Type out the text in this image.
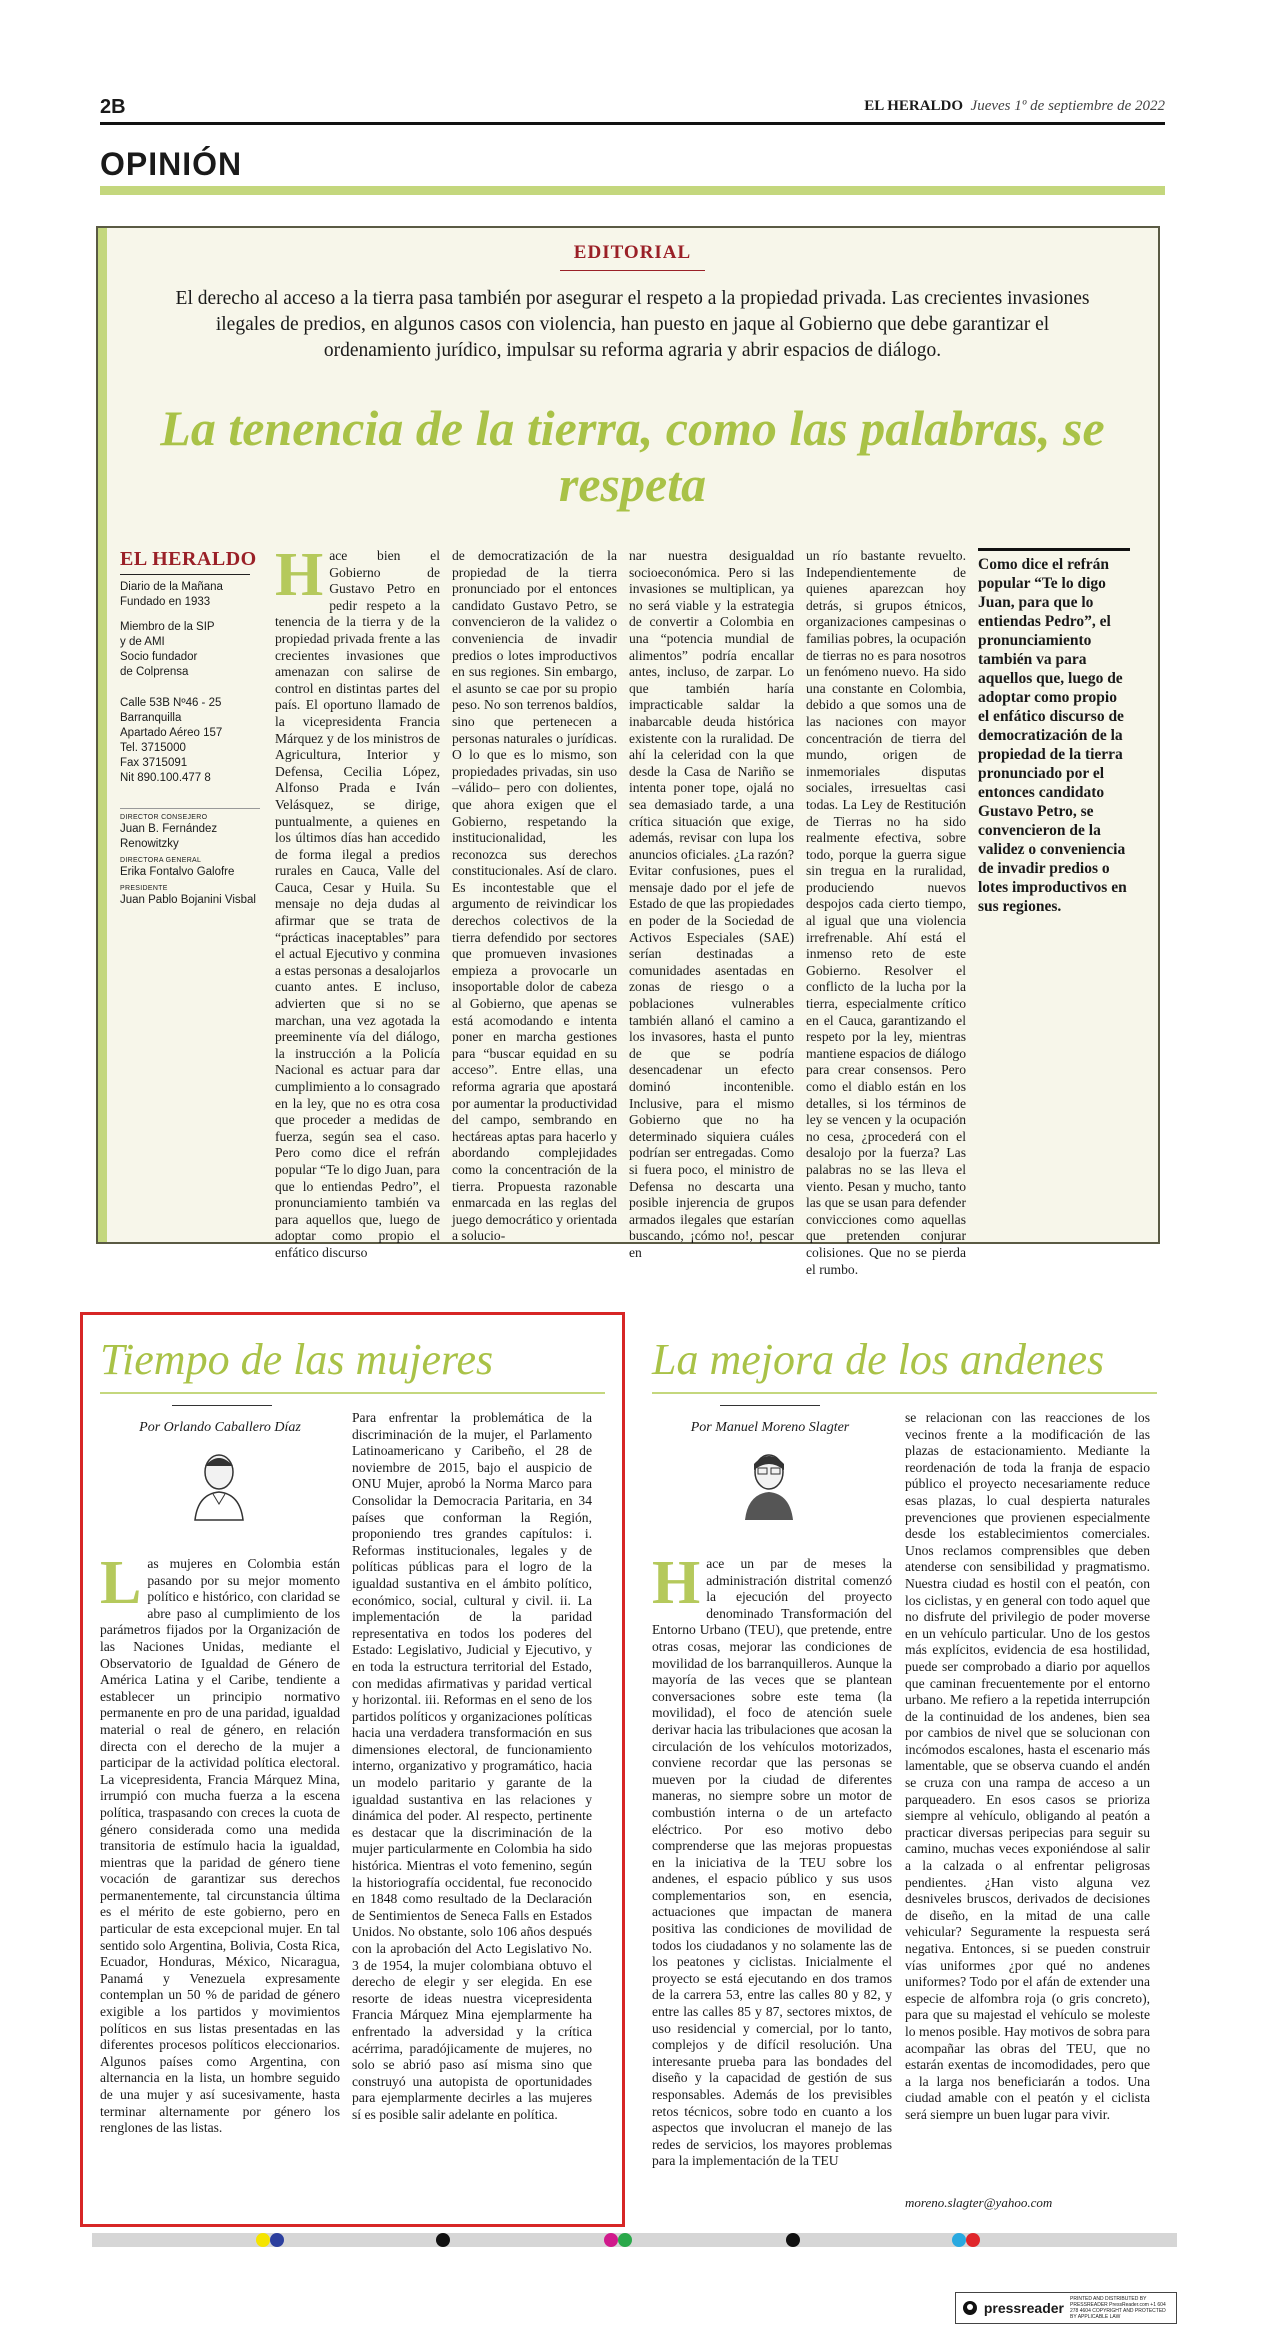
2B	EL HERALDO Jueves 1º de septiembre de 2022
OPINIÓN
EDITORIAL
El derecho al acceso a la tierra pasa también por asegurar el respeto a la propiedad privada. Las crecientes invasiones ilegales de predios, en algunos casos con violencia, han puesto en jaque al Gobierno que debe garantizar el ordenamiento jurídico, impulsar su reforma agraria y abrir espacios de diálogo.
La tenencia de la tierra, como las palabras, se respeta
EL HERALDO
Diario de la Mañana
Fundado en 1933
Miembro de la SIP
y de AMI
Socio fundador
de Colprensa
Calle 53B Nº46 - 25
Barranquilla
Apartado Aéreo 157
Tel. 3715000
Fax 3715091
Nit 890.100.477 8
DIRECTOR CONSEJERO
Juan B. Fernández Renowitzky
DIRECTORA GENERAL
Erika Fontalvo Galofre
PRESIDENTE
Juan Pablo Bojanini Visbal
Hace bien el Gobierno de Gustavo Petro en pedir respeto a la tenencia de la tierra y de la propiedad privada frente a las crecientes invasiones que amenazan con salirse de control en distintas partes del país. El oportuno llamado de la vicepresidenta Francia Márquez y de los ministros de Agricultura, Interior y Defensa, Cecilia López, Alfonso Prada e Iván Velásquez, se dirige, puntualmente, a quienes en los últimos días han accedido de forma ilegal a predios rurales en Cauca, Valle del Cauca, Cesar y Huila. Su mensaje no deja dudas al afirmar que se trata de “prácticas inaceptables” para el actual Ejecutivo y conmina a estas personas a desalojarlos cuanto antes. E incluso, advierten que si no se marchan, una vez agotada la preeminente vía del diálogo, la instrucción a la Policía Nacional es actuar para dar cumplimiento a lo consagrado en la ley, que no es otra cosa que proceder a medidas de fuerza, según sea el caso. Pero como dice el refrán popular “Te lo digo Juan, para que lo entiendas Pedro”, el pronunciamiento también va para aquellos que, luego de adoptar como propio el enfático discurso
de democratización de la propiedad de la tierra pronunciado por el entonces candidato Gustavo Petro, se convencieron de la validez o conveniencia de invadir predios o lotes improductivos en sus regiones. Sin embargo, el asunto se cae por su propio peso. No son terrenos baldíos, sino que pertenecen a personas naturales o jurídicas. O lo que es lo mismo, son propiedades privadas, sin uso –válido– pero con dolientes, que ahora exigen que el Gobierno, respetando la institucionalidad, les reconozca sus derechos constitucionales. Así de claro. Es incontestable que el argumento de reivindicar los derechos colectivos de la tierra defendido por sectores que promueven invasiones empieza a provocarle un insoportable dolor de cabeza al Gobierno, que apenas se está acomodando e intenta poner en marcha gestiones para “buscar equidad en su acceso”. Entre ellas, una reforma agraria que apostará por aumentar la productividad del campo, sembrando en hectáreas aptas para hacerlo y abordando complejidades como la concentración de la tierra. Propuesta razonable enmarcada en las reglas del juego democrático y orientada a solucio-
nar nuestra desigualdad socioeconómica. Pero si las invasiones se multiplican, ya no será viable y la estrategia de convertir a Colombia en una “potencia mundial de alimentos” podría encallar antes, incluso, de zarpar. Lo que también haría impracticable saldar la inabarcable deuda histórica existente con la ruralidad. De ahí la celeridad con la que desde la Casa de Nariño se intenta poner tope, ojalá no sea demasiado tarde, a una crítica situación que exige, además, revisar con lupa los anuncios oficiales. ¿La razón? Evitar confusiones, pues el mensaje dado por el jefe de Estado de que las propiedades en poder de la Sociedad de Activos Especiales (SAE) serían destinadas a comunidades asentadas en zonas de riesgo o a poblaciones vulnerables también allanó el camino a los invasores, hasta el punto de que se podría desencadenar un efecto dominó incontenible. Inclusive, para el mismo Gobierno que no ha determinado siquiera cuáles podrían ser entregadas. Como si fuera poco, el ministro de Defensa no descarta una posible injerencia de grupos armados ilegales que estarían buscando, ¡cómo no!, pescar en
un río bastante revuelto. Independientemente de quienes aparezcan hoy detrás, si grupos étnicos, organizaciones campesinas o familias pobres, la ocupación de tierras no es para nosotros un fenómeno nuevo. Ha sido una constante en Colombia, debido a que somos una de las naciones con mayor concentración de tierra del mundo, origen de inmemoriales disputas sociales, irresueltas casi todas. La Ley de Restitución de Tierras no ha sido realmente efectiva, sobre todo, porque la guerra sigue sin tregua en la ruralidad, produciendo nuevos despojos cada cierto tiempo, al igual que una violencia irrefrenable. Ahí está el inmenso reto de este Gobierno. Resolver el conflicto de la lucha por la tierra, especialmente crítico en el Cauca, garantizando el respeto por la ley, mientras mantiene espacios de diálogo para crear consensos. Pero como el diablo están en los detalles, si los términos de ley se vencen y la ocupación no cesa, ¿procederá con el desalojo por la fuerza? Las palabras no se las lleva el viento. Pesan y mucho, tanto las que se usan para defender convicciones como aquellas que pretenden conjurar colisiones. Que no se pierda el rumbo.
Como dice el refrán popular “Te lo digo Juan, para que lo entiendas Pedro”, el pronunciamiento también va para aquellos que, luego de adoptar como propio el enfático discurso de democratización de la propiedad de la tierra pronunciado por el entonces candidato Gustavo Petro, se convencieron de la validez o conveniencia de invadir predios o lotes improductivos en sus regiones.
Tiempo de las mujeres
Por Orlando Caballero Díaz
Las mujeres en Colombia están pasando por su mejor momento político e histórico, con claridad se abre paso al cumplimiento de los parámetros fijados por la Organización de las Naciones Unidas, mediante el Observatorio de Igualdad de Género de América Latina y el Caribe, tendiente a establecer un principio normativo permanente en pro de una paridad, igualdad material o real de género, en relación directa con el derecho de la mujer a participar de la actividad política electoral. La vicepresidenta, Francia Márquez Mina, irrumpió con mucha fuerza a la escena política, traspasando con creces la cuota de género considerada como una medida transitoria de estímulo hacia la igualdad, mientras que la paridad de género tiene vocación de garantizar sus derechos permanentemente, tal circunstancia última es el mérito de este gobierno, pero en particular de esta excepcional mujer. En tal sentido solo Argentina, Bolivia, Costa Rica, Ecuador, Honduras, México, Nicaragua, Panamá y Venezuela expresamente contemplan un 50 % de paridad de género exigible a los partidos y movimientos políticos en sus listas presentadas en las diferentes procesos políticos eleccionarios. Algunos países como Argentina, con alternancia en la lista, un hombre seguido de una mujer y así sucesivamente, hasta terminar alternamente por género los renglones de las listas.
Para enfrentar la problemática de la discriminación de la mujer, el Parlamento Latinoamericano y Caribeño, el 28 de noviembre de 2015, bajo el auspicio de ONU Mujer, aprobó la Norma Marco para Consolidar la Democracia Paritaria, en 34 países que conforman la Región, proponiendo tres grandes capítulos: i. Reformas institucionales, legales y de políticas públicas para el logro de la igualdad sustantiva en el ámbito político, económico, social, cultural y civil. ii. La implementación de la paridad representativa en todos los poderes del Estado: Legislativo, Judicial y Ejecutivo, y en toda la estructura territorial del Estado, con medidas afirmativas y paridad vertical y horizontal. iii. Reformas en el seno de los partidos políticos y organizaciones políticas hacia una verdadera transformación en sus dimensiones electoral, de funcionamiento interno, organizativo y programático, hacia un modelo paritario y garante de la igualdad sustantiva en las relaciones y dinámica del poder. Al respecto, pertinente es destacar que la discriminación de la mujer particularmente en Colombia ha sido histórica. Mientras el voto femenino, según la historiografía occidental, fue reconocido en 1848 como resultado de la Declaración de Sentimientos de Seneca Falls en Estados Unidos. No obstante, solo 106 años después con la aprobación del Acto Legislativo No. 3 de 1954, la mujer colombiana obtuvo el derecho de elegir y ser elegida. En ese resorte de ideas nuestra vicepresidenta Francia Márquez Mina ejemplarmente ha enfrentado la adversidad y la crítica acérrima, paradójicamente de mujeres, no solo se abrió paso así misma sino que construyó una autopista de oportunidades para ejemplarmente decirles a las mujeres sí es posible salir adelante en política.
La mejora de los andenes
Por Manuel Moreno Slagter
Hace un par de meses la administración distrital comenzó la ejecución del proyecto denominado Transformación del Entorno Urbano (TEU), que pretende, entre otras cosas, mejorar las condiciones de movilidad de los barranquilleros. Aunque la mayoría de las veces que se plantean conversaciones sobre este tema (la movilidad), el foco de atención suele derivar hacia las tribulaciones que acosan la circulación de los vehículos motorizados, conviene recordar que las personas se mueven por la ciudad de diferentes maneras, no siempre sobre un motor de combustión interna o de un artefacto eléctrico. Por eso motivo debo comprenderse que las mejoras propuestas en la iniciativa de la TEU sobre los andenes, el espacio público y sus usos complementarios son, en esencia, actuaciones que impactan de manera positiva las condiciones de movilidad de todos los ciudadanos y no solamente las de los peatones y ciclistas. Inicialmente el proyecto se está ejecutando en dos tramos de la carrera 53, entre las calles 80 y 82, y entre las calles 85 y 87, sectores mixtos, de uso residencial y comercial, por lo tanto, complejos y de difícil resolución. Una interesante prueba para las bondades del diseño y la capacidad de gestión de sus responsables. Además de los previsibles retos técnicos, sobre todo en cuanto a los aspectos que involucran el manejo de las redes de servicios, los mayores problemas para la implementación de la TEU
se relacionan con las reacciones de los vecinos frente a la modificación de las plazas de estacionamiento. Mediante la reordenación de toda la franja de espacio público el proyecto necesariamente reduce esas plazas, lo cual despierta naturales prevenciones que provienen especialmente desde los establecimientos comerciales. Unos reclamos comprensibles que deben atenderse con sensibilidad y pragmatismo. Nuestra ciudad es hostil con el peatón, con los ciclistas, y en general con todo aquel que no disfrute del privilegio de poder moverse en un vehículo particular. Uno de los gestos más explícitos, evidencia de esa hostilidad, puede ser comprobado a diario por aquellos que caminan frecuentemente por el entorno urbano. Me refiero a la repetida interrupción de la continuidad de los andenes, bien sea por cambios de nivel que se solucionan con incómodos escalones, hasta el escenario más lamentable, que se observa cuando el andén se cruza con una rampa de acceso a un parqueadero. En esos casos se prioriza siempre al vehículo, obligando al peatón a practicar diversas peripecias para seguir su camino, muchas veces exponiéndose al salir a la calzada o al enfrentar peligrosas pendientes. ¿Han visto alguna vez desniveles bruscos, derivados de decisiones de diseño, en la mitad de una calle vehicular? Seguramente la respuesta será negativa. Entonces, si se pueden construir vías uniformes ¿por qué no andenes uniformes? Todo por el afán de extender una especie de alfombra roja (o gris concreto), para que su majestad el vehículo se moleste lo menos posible. Hay motivos de sobra para acompañar las obras del TEU, que no estarán exentas de incomodidades, pero que a la larga nos beneficiarán a todos. Una ciudad amable con el peatón y el ciclista será siempre un buen lugar para vivir.
moreno.slagter@yahoo.com
pressreader
PRINTED AND DISTRIBUTED BY PRESSREADER PressReader.com +1 604 278 4604 COPYRIGHT AND PROTECTED BY APPLICABLE LAW
